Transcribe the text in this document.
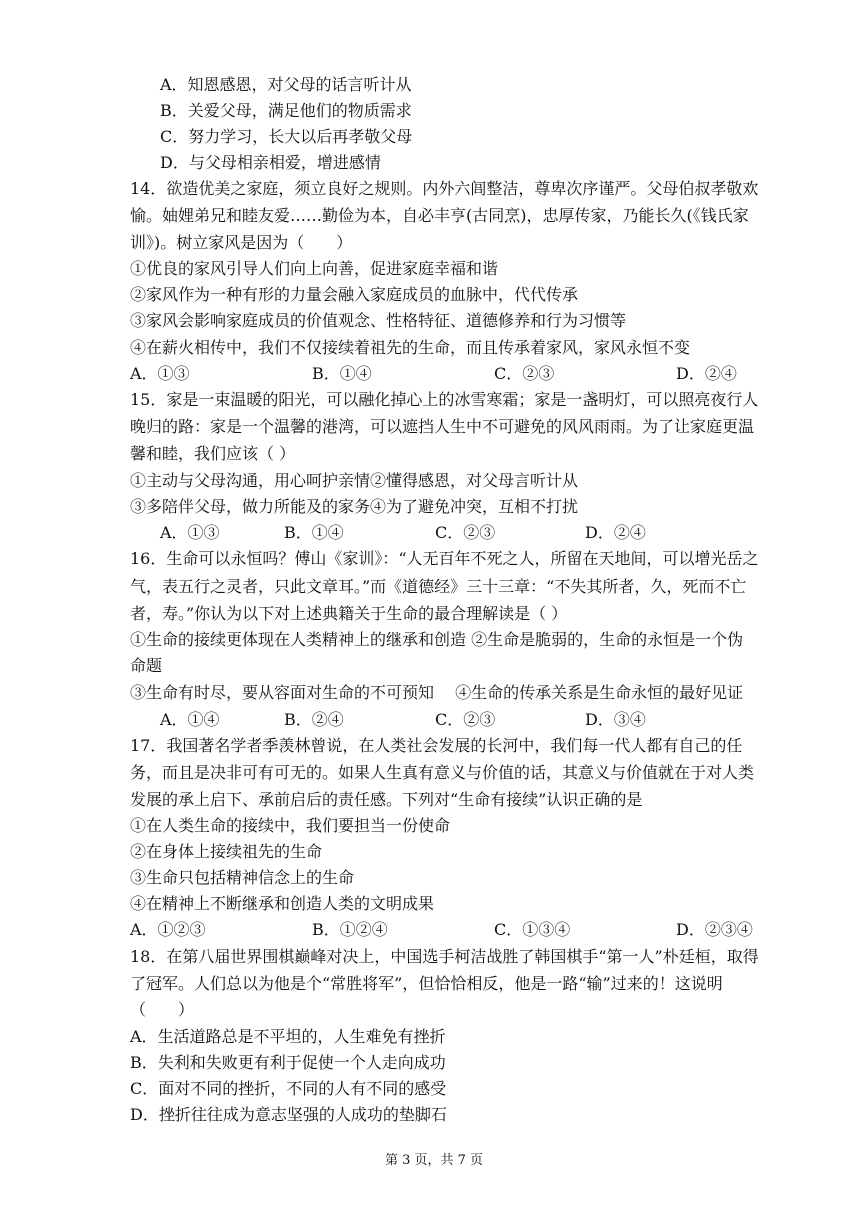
A．知恩感恩，对父母的话言听计从
B．关爱父母，满足他们的物质需求
C．努力学习，长大以后再孝敬父母
D．与父母相亲相爱，增进感情
14．欲造优美之家庭，须立良好之规则。内外六闾整洁，尊卑次序谨严。父母伯叔孝敬欢
愉。妯娌弟兄和睦友爱……勤俭为本，自必丰亨(古同烹)，忠厚传家，乃能长久(《钱氏家
训》)。树立家风是因为（　　）
①优良的家风引导人们向上向善，促进家庭幸福和谐
②家风作为一种有形的力量会融入家庭成员的血脉中，代代传承
③家风会影响家庭成员的价值观念、性格特征、道德修养和行为习惯等
④在薪火相传中，我们不仅接续着祖先的生命，而且传承着家风，家风永恒不变
A．①③	B．①④	C．②③	D．②④
15．家是一束温暖的阳光，可以融化掉心上的冰雪寒霜；家是一盏明灯，可以照亮夜行人
晚归的路：家是一个温馨的港湾，可以遮挡人生中不可避免的风风雨雨。为了让家庭更温
馨和睦，我们应该（ ）
①主动与父母沟通，用心呵护亲情②懂得感恩，对父母言听计从
③多陪伴父母，做力所能及的家务④为了避免冲突，互相不打扰
A．①③	B．①④	C．②③	D．②④
16．生命可以永恒吗？傅山《家训》：“人无百年不死之人，所留在天地间，可以增光岳之
气，表五行之灵者，只此文章耳。”而《道德经》三十三章：“不失其所者，久，死而不亡
者，寿。”你认为以下对上述典籍关于生命的最合理解读是（ ）
①生命的接续更体现在人类精神上的继承和创造 ②生命是脆弱的，生命的永恒是一个伪
命题
③生命有时尽，要从容面对生命的不可预知　 ④生命的传承关系是生命永恒的最好见证
A．①④	B．②④	C．②③	D．③④
17．我国著名学者季羡林曾说，在人类社会发展的长河中，我们每一代人都有自己的任
务，而且是决非可有可无的。如果人生真有意义与价值的话，其意义与价值就在于对人类
发展的承上启下、承前启后的责任感。下列对“生命有接续”认识正确的是
①在人类生命的接续中，我们要担当一份使命
②在身体上接续祖先的生命
③生命只包括精神信念上的生命
④在精神上不断继承和创造人类的文明成果
A．①②③	B．①②④	C．①③④	D．②③④
18．在第八届世界围棋巅峰对决上，中国选手柯洁战胜了韩国棋手“第一人”朴廷桓，取得
了冠军。人们总以为他是个“常胜将军”，但恰恰相反，他是一路“输”过来的！这说明
（　　）
A．生活道路总是不平坦的，人生难免有挫折
B．失利和失败更有利于促使一个人走向成功
C．面对不同的挫折，不同的人有不同的感受
D．挫折往往成为意志坚强的人成功的垫脚石
第 3 页，共 7 页
